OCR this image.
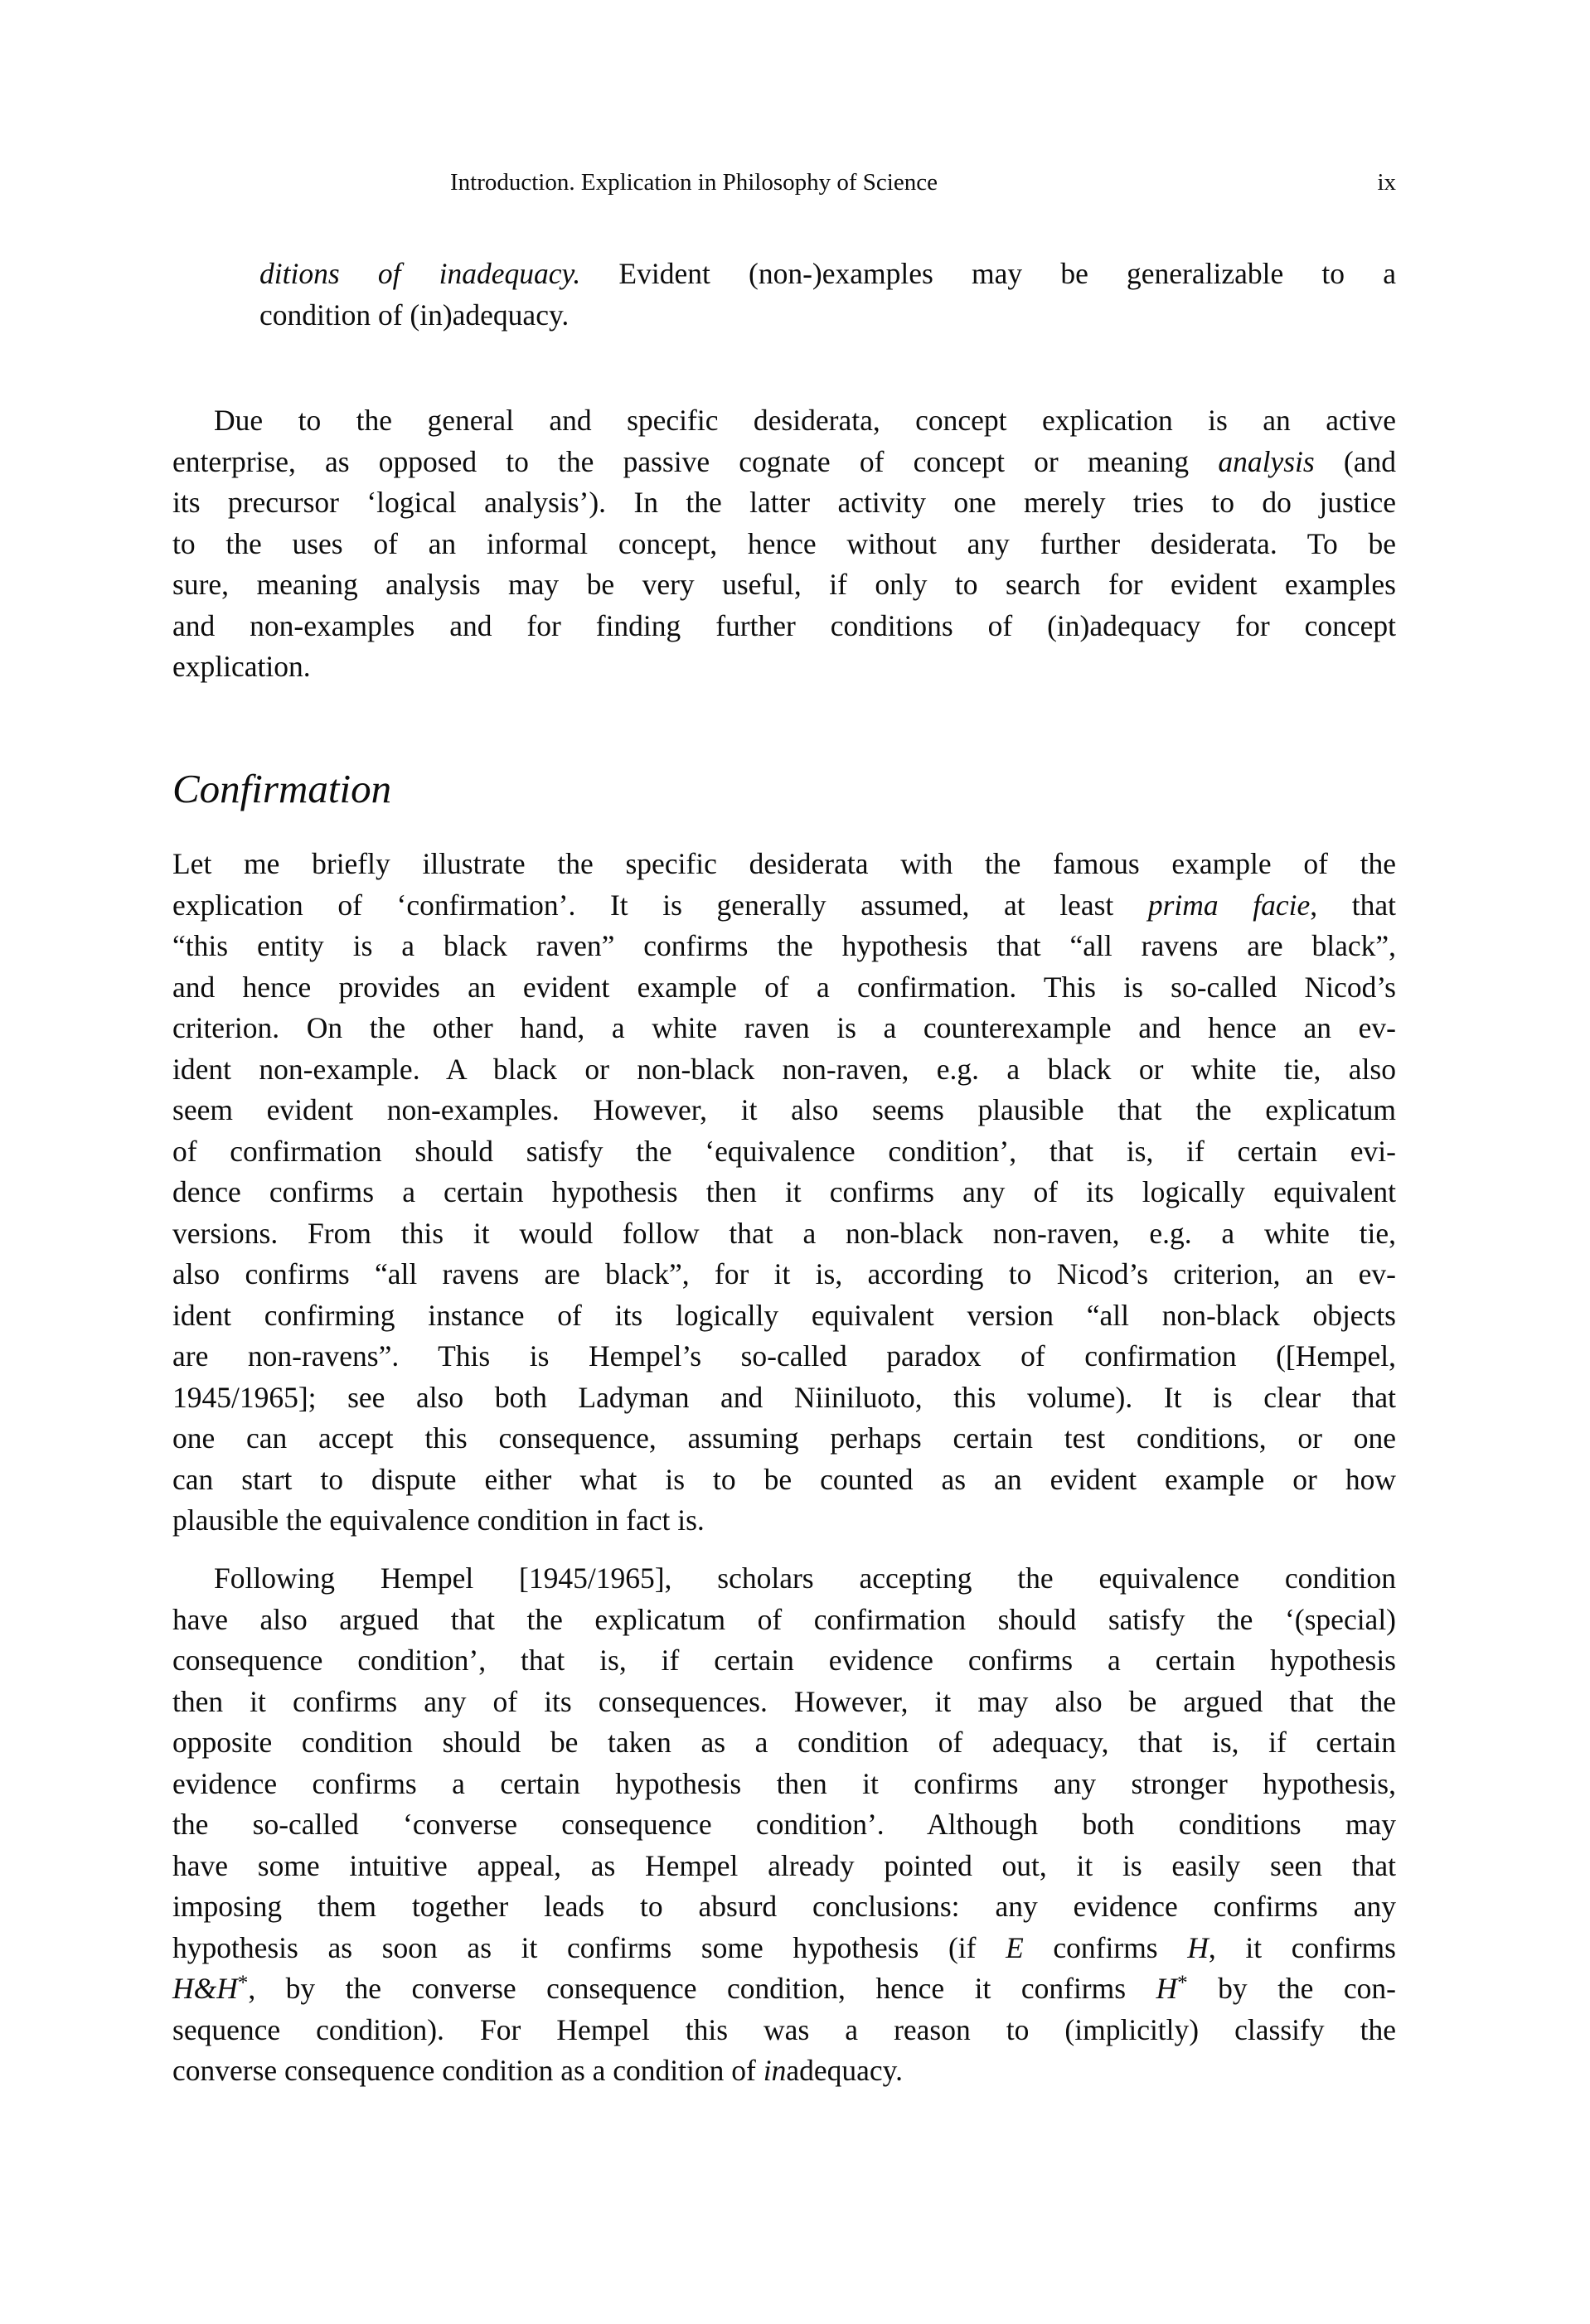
Introduction. Explication in Philosophy of Science	ix

ditions of inadequacy. Evident (non-)examples may be generalizable to a
condition of (in)adequacy.

Due to the general and specific desiderata, concept explication is an active
enterprise, as opposed to the passive cognate of concept or meaning analysis (and
its precursor ‘logical analysis’). In the latter activity one merely tries to do justice
to the uses of an informal concept, hence without any further desiderata. To be
sure, meaning analysis may be very useful, if only to search for evident examples
and non-examples and for finding further conditions of (in)adequacy for concept
explication.

Confirmation

Let me briefly illustrate the specific desiderata with the famous example of the
explication of ‘confirmation’. It is generally assumed, at least prima facie, that
“this entity is a black raven” confirms the hypothesis that “all ravens are black”,
and hence provides an evident example of a confirmation. This is so-called Nicod’s
criterion. On the other hand, a white raven is a counterexample and hence an ev-
ident non-example. A black or non-black non-raven, e.g. a black or white tie, also
seem evident non-examples. However, it also seems plausible that the explicatum
of confirmation should satisfy the ‘equivalence condition’, that is, if certain evi-
dence confirms a certain hypothesis then it confirms any of its logically equivalent
versions. From this it would follow that a non-black non-raven, e.g. a white tie,
also confirms “all ravens are black”, for it is, according to Nicod’s criterion, an ev-
ident confirming instance of its logically equivalent version “all non-black objects
are non-ravens”. This is Hempel’s so-called paradox of confirmation ([Hempel,
1945/1965]; see also both Ladyman and Niiniluoto, this volume). It is clear that
one can accept this consequence, assuming perhaps certain test conditions, or one
can start to dispute either what is to be counted as an evident example or how
plausible the equivalence condition in fact is.

Following Hempel [1945/1965], scholars accepting the equivalence condition
have also argued that the explicatum of confirmation should satisfy the ‘(special)
consequence condition’, that is, if certain evidence confirms a certain hypothesis
then it confirms any of its consequences. However, it may also be argued that the
opposite condition should be taken as a condition of adequacy, that is, if certain
evidence confirms a certain hypothesis then it confirms any stronger hypothesis,
the so-called ‘converse consequence condition’. Although both conditions may
have some intuitive appeal, as Hempel already pointed out, it is easily seen that
imposing them together leads to absurd conclusions: any evidence confirms any
hypothesis as soon as it confirms some hypothesis (if E confirms H, it confirms
H&H*, by the converse consequence condition, hence it confirms H* by the con-
sequence condition). For Hempel this was a reason to (implicitly) classify the
converse consequence condition as a condition of inadequacy.
